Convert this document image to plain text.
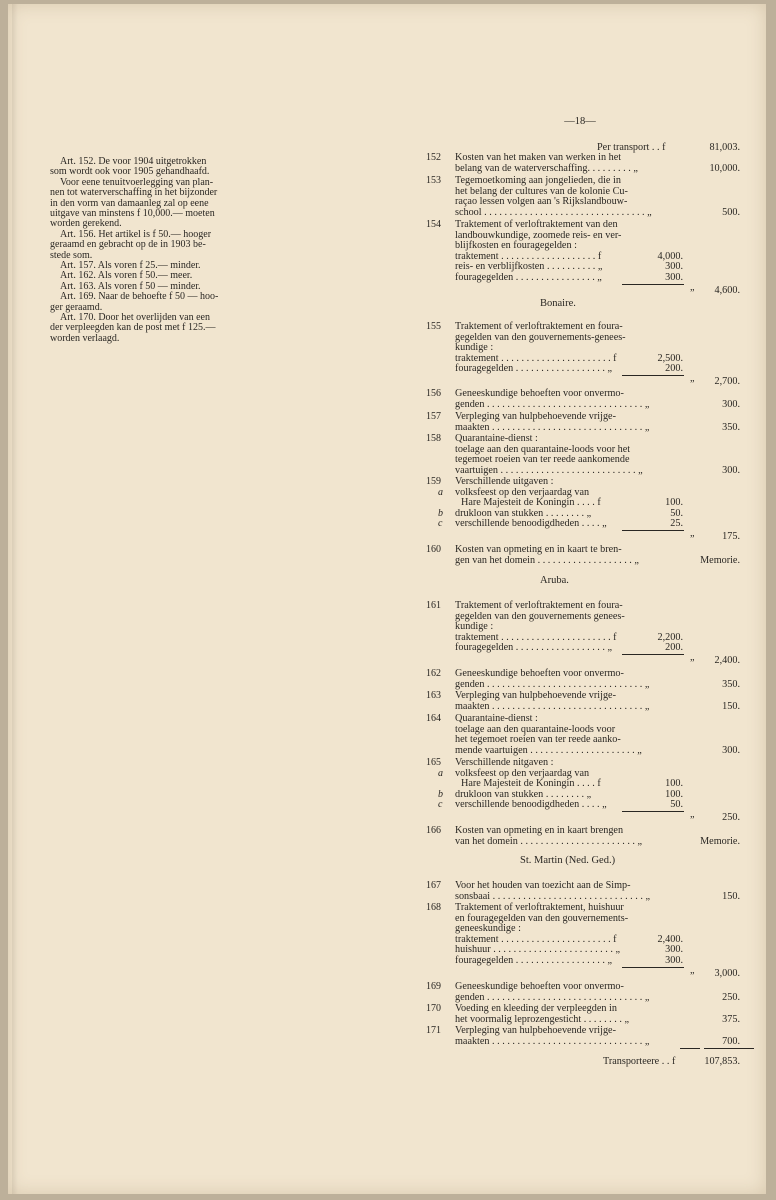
—18—
Art. 152. De voor 1904 uitgetrokken
som wordt ook voor 1905 gehandhaafd.
Voor eene tenuitvoerlegging van plan-
nen tot waterverschaffing in het bijzonder
in den vorm van damaanleg zal op eene
uitgave van minstens f 10,000.— moeten
worden gerekend.
Art. 156. Het artikel is f 50.— hooger
geraamd en gebracht op de in 1903 be-
stede som.
Art. 157. Als voren f 25.— minder.
Art. 162. Als voren f 50.— meer.
Art. 163. Als voren f 50 — minder.
Art. 169. Naar de behoefte f 50 — hoo-
ger geraamd.
Art. 170. Door het overlijden van een
der verpleegden kan de post met f 125.—
worden verlaagd.
Per transport . . f	81,003.
152 Kosten van het maken van werken in het
belang van de waterverschaffing. . . . . . . . . „	10,000.
153 Tegemoetkoming aan jongelieden, die in
het belang der cultures van de kolonie Cu-
raçao lessen volgen aan 's Rijkslandbouw-
school . . . . . . . . . . . . . . . . . . . . . . . . . . . . . . . . „	500.
154 Traktement of verloftraktement van den
landbouwkundige, zoomede reis- en ver-
blijfkosten en fouragegelden :
traktement . . . . . . . . . . . . . . . . . . . f	4,000.
reis- en verblijfkosten . . . . . . . . . . „	300.
fouragegelden . . . . . . . . . . . . . . . . „	300.
„ 4,600.
Bonaire.
155 Traktement of verloftraktement en foura-
gegelden van den gouvernements-genees-
kundige :
traktement . . . . . . . . . . . . . . . . . . . . . . f	2,500.
fouragegelden . . . . . . . . . . . . . . . . . . „	200.
„ 2,700.
156 Geneeskundige behoeften voor onvermo-
genden . . . . . . . . . . . . . . . . . . . . . . . . . . . . . . . „	300.
157 Verpleging van hulpbehoevende vrijge-
maakten . . . . . . . . . . . . . . . . . . . . . . . . . . . . . . „	350.
158 Quarantaine-dienst :
toelage aan den quarantaine-loods voor het
tegemoet roeien van ter reede aankomende
vaartuigen . . . . . . . . . . . . . . . . . . . . . . . . . . . „	300.
159 Verschillende uitgaven :
a volksfeest op den verjaardag van
Hare Majesteit de Koningin . . . . f	100.
b drukloon van stukken . . . . . . . . „	50.
c verschillende benoodigdheden . . . . „	25.
„	175.
160 Kosten van opmeting en in kaart te bren-
gen van het domein . . . . . . . . . . . . . . . . . . . „	Memorie.
Aruba.
161 Traktement of verloftraktement en foura-
gegelden van den gouvernements genees-
kundige :
traktement . . . . . . . . . . . . . . . . . . . . . . f	2,200.
fouragegelden . . . . . . . . . . . . . . . . . . „	200.
„ 2,400.
162 Geneeskundige behoeften voor onvermo-
genden . . . . . . . . . . . . . . . . . . . . . . . . . . . . . . . „	350.
163 Verpleging van hulpbehoevende vrijge-
maakten . . . . . . . . . . . . . . . . . . . . . . . . . . . . . . „	150.
164 Quarantaine-dienst :
toelage aan den quarantaine-loods voor
het tegemoet roeien van ter reede aanko-
mende vaartuigen . . . . . . . . . . . . . . . . . . . . . „	300.
165 Verschillende nitgaven :
a volksfeest op den verjaardag van
Hare Majesteit de Koningin . . . . f	100.
b drukloon van stukken . . . . . . . . „	100.
c verschillende benoodigdheden . . . . „	50.
„	250.
166 Kosten van opmeting en in kaart brengen
van het domein . . . . . . . . . . . . . . . . . . . . . . . „	Memorie.
St. Martin (Ned. Ged.)
167 Voor het houden van toezicht aan de Simp-
sonsbaai . . . . . . . . . . . . . . . . . . . . . . . . . . . . . . „	150.
168 Traktement of verloftraktement, huishuur
en fouragegelden van den gouvernements-
geneeskundige :
traktement . . . . . . . . . . . . . . . . . . . . . . f	2,400.
huishuur . . . . . . . . . . . . . . . . . . . . . . . . „	300.
fouragegelden . . . . . . . . . . . . . . . . . . „	300.
„ 3,000.
169 Geneeskundige behoeften voor onvermo-
genden . . . . . . . . . . . . . . . . . . . . . . . . . . . . . . . „	250.
170 Voeding en kleeding der verpleegden in
het voormalig leprozengesticht . . . . . . . . „	375.
171 Verpleging van hulpbehoevende vrijge-
maakten . . . . . . . . . . . . . . . . . . . . . . . . . . . . . . „	700.
Transporteere . . f	107,853.
